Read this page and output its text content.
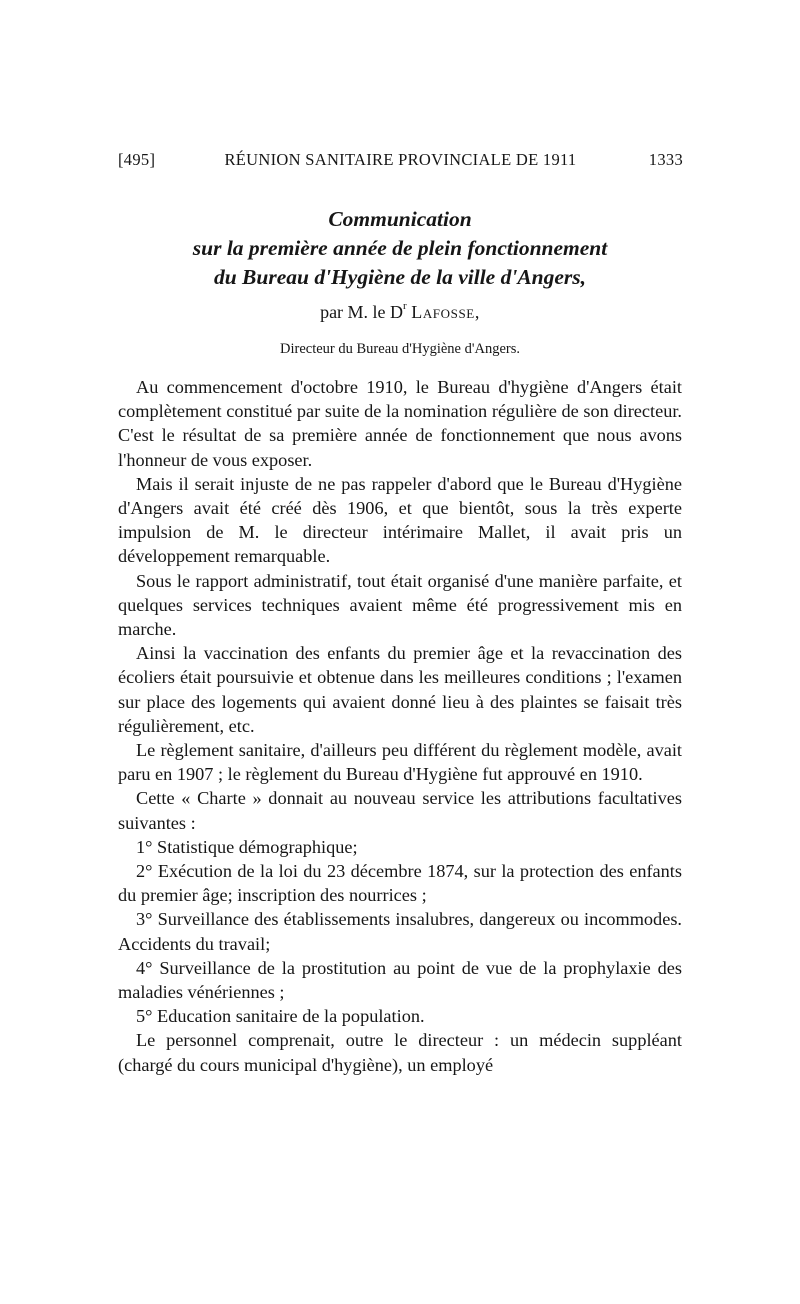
[495]	RÉUNION SANITAIRE PROVINCIALE DE 1911	1333
Communication
sur la première année de plein fonctionnement
du Bureau d'Hygiène de la ville d'Angers,
par M. le $D^r$ Lafosse,
Directeur du Bureau d'Hygiène d'Angers.

Au commencement d'octobre 1910, le Bureau d'hygiène d'Angers était complètement constitué par suite de la nomination régulière de son directeur. C'est le résultat de sa première année de fonctionnement que nous avons l'honneur de vous exposer.

Mais il serait injuste de ne pas rappeler d'abord que le Bureau d'Hygiène d'Angers avait été créé dès 1906, et que bientôt, sous la très experte impulsion de M. le directeur intérimaire Mallet, il avait pris un développement remarquable.

Sous le rapport administratif, tout était organisé d'une manière parfaite, et quelques services techniques avaient même été progressivement mis en marche.

Ainsi la vaccination des enfants du premier âge et la revaccination des écoliers était poursuivie et obtenue dans les meilleures conditions ; l'examen sur place des logements qui avaient donné lieu à des plaintes se faisait très régulièrement, etc.

Le règlement sanitaire, d'ailleurs peu différent du règlement modèle, avait paru en 1907 ; le règlement du Bureau d'Hygiène fut approuvé en 1910.

Cette « Charte » donnait au nouveau service les attributions facultatives suivantes :

1° Statistique démographique;

2° Exécution de la loi du 23 décembre 1874, sur la protection des enfants du premier âge; inscription des nourrices ;

3° Surveillance des établissements insalubres, dangereux ou incommodes. Accidents du travail;

4° Surveillance de la prostitution au point de vue de la prophylaxie des maladies vénériennes ;

5° Education sanitaire de la population.

Le personnel comprenait, outre le directeur : un médecin suppléant (chargé du cours municipal d'hygiène), un employé
